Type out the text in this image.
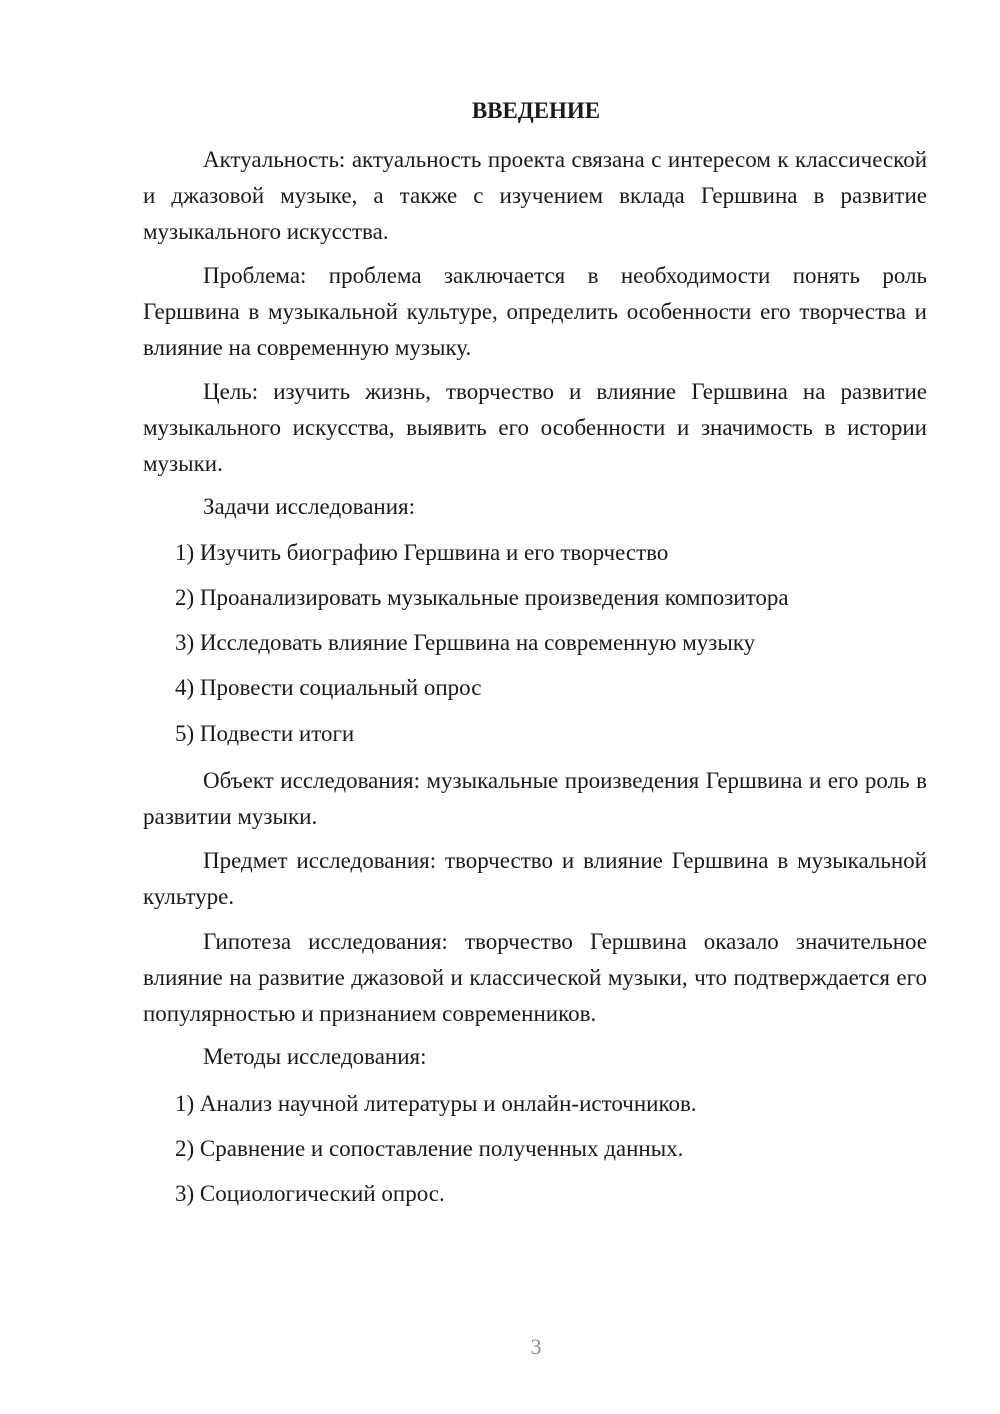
ВВЕДЕНИЕ

Актуальность: актуальность проекта связана с интересом к классической и джазовой музыке, а также с изучением вклада Гершвина в развитие музыкального искусства.

Проблема: проблема заключается в необходимости понять роль Гершвина в музыкальной культуре, определить особенности его творчества и влияние на современную музыку.

Цель: изучить жизнь, творчество и влияние Гершвина на развитие музыкального искусства, выявить его особенности и значимость в истории музыки.

Задачи исследования:

1) Изучить биографию Гершвина и его творчество

2) Проанализировать музыкальные произведения композитора

3) Исследовать влияние Гершвина на современную музыку

4) Провести социальный опрос

5) Подвести итоги

Объект исследования: музыкальные произведения Гершвина и его роль в развитии музыки.

Предмет исследования: творчество и влияние Гершвина в музыкальной культуре.

Гипотеза исследования: творчество Гершвина оказало значительное влияние на развитие джазовой и классической музыки, что подтверждается его популярностью и признанием современников.

Методы исследования:

1) Анализ научной литературы и онлайн-источников.

2) Сравнение и сопоставление полученных данных.

3) Социологический опрос.

3
